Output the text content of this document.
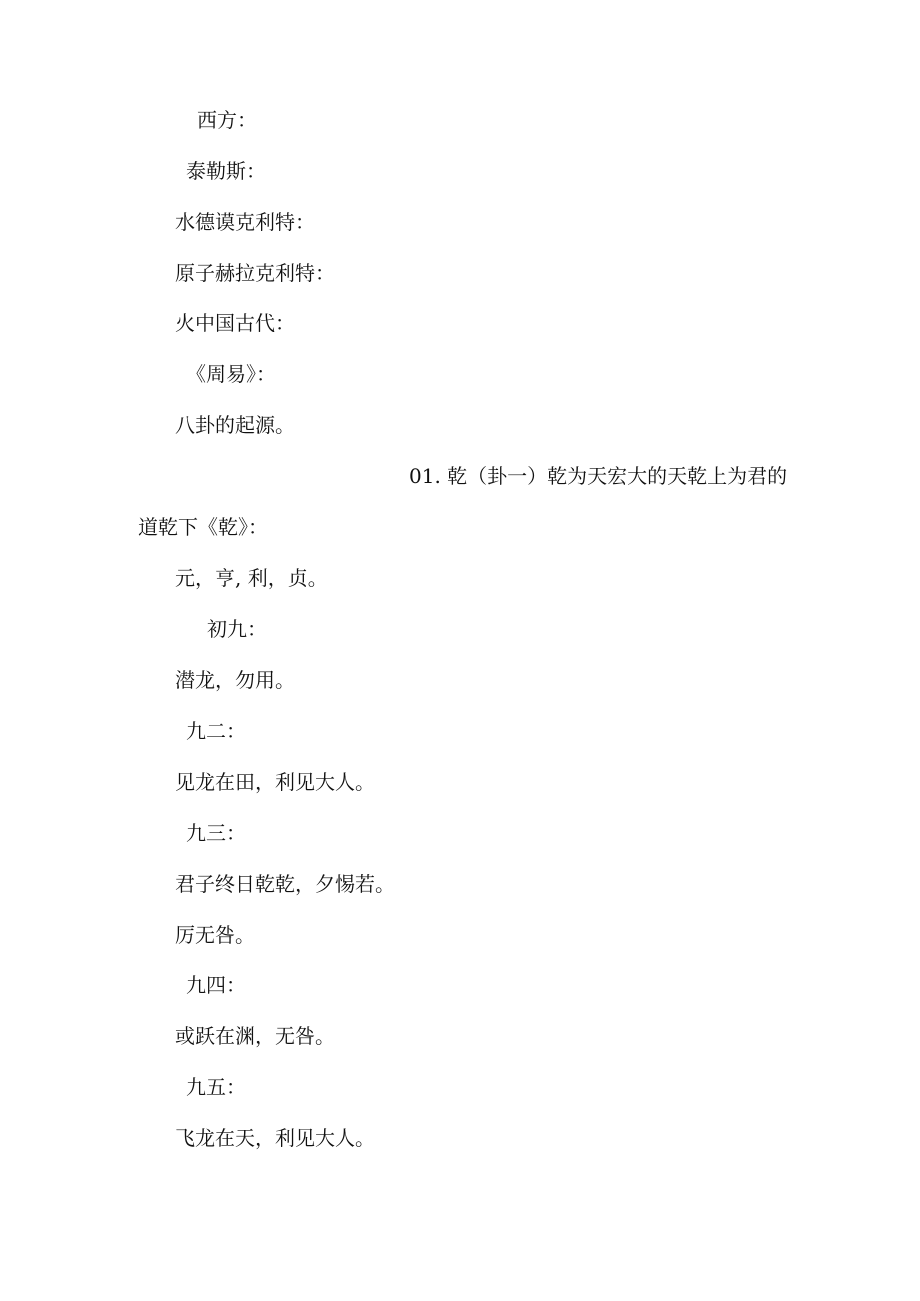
西方：
泰勒斯：
水德谟克利特：
原子赫拉克利特：
火中国古代：
《周易》：
八卦的起源。
01. 乾（卦一）乾为天宏大的天乾上为君的
道乾下《乾》：
元，亨, 利，贞。
初九：
潜龙，勿用。
九二：
见龙在田，利见大人。
九三：
君子终日乾乾，夕惕若。
厉无咎。
九四：
或跃在渊，无咎。
九五：
飞龙在天，利见大人。
